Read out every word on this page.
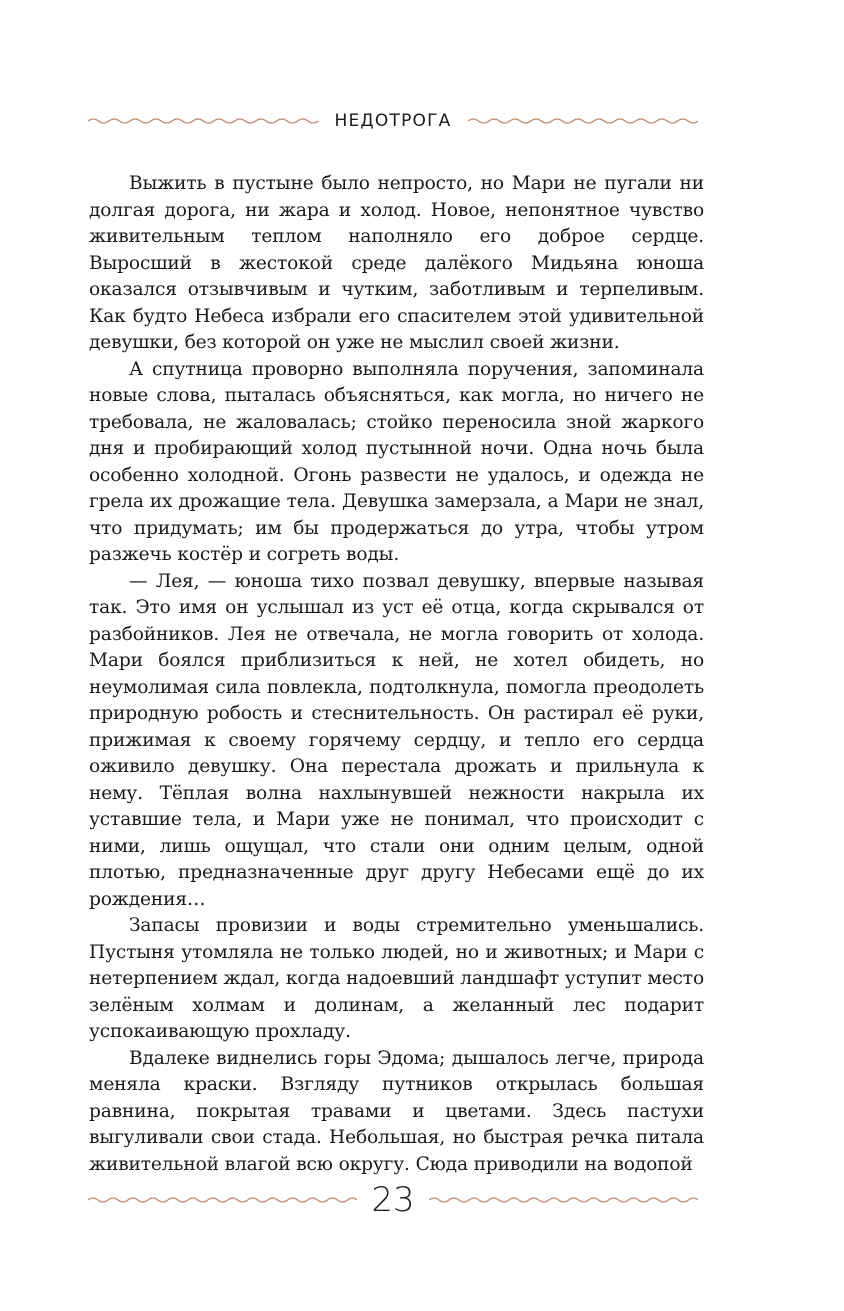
НЕДОТРОГА

Выжить в пустыне было непросто, но Мари не пугали ни долгая дорога, ни жара и холод. Новое, непонятное чувство живительным теплом наполняло его доброе сердце. Выросший в жестокой среде далёкого Мидьяна юноша оказался отзывчивым и чутким, заботливым и терпеливым. Как будто Небеса избрали его спасителем этой удивительной девушки, без которой он уже не мыслил своей жизни.

А спутница проворно выполняла поручения, запоминала новые слова, пыталась объясняться, как могла, но ничего не требовала, не жаловалась; стойко переносила зной жаркого дня и пробирающий холод пустынной ночи. Одна ночь была особенно холодной. Огонь развести не удалось, и одежда не грела их дрожащие тела. Девушка замерзала, а Мари не знал, что придумать; им бы продержаться до утра, чтобы утром разжечь костёр и согреть воды.

— Лея, — юноша тихо позвал девушку, впервые называя так. Это имя он услышал из уст её отца, когда скрывался от разбойников. Лея не отвечала, не могла говорить от холода. Мари боялся приблизиться к ней, не хотел обидеть, но неумолимая сила повлекла, подтолкнула, помогла преодолеть природную робость и стеснительность. Он растирал её руки, прижимая к своему горячему сердцу, и тепло его сердца оживило девушку. Она перестала дрожать и прильнула к нему. Тёплая волна нахлынувшей нежности накрыла их уставшие тела, и Мари уже не понимал, что происходит с ними, лишь ощущал, что стали они одним целым, одной плотью, предназначенные друг другу Небесами ещё до их рождения…

Запасы провизии и воды стремительно уменьшались. Пустыня утомляла не только людей, но и животных; и Мари с нетерпением ждал, когда надоевший ландшафт уступит место зелёным холмам и долинам, а желанный лес подарит успокаивающую прохладу.

Вдалеке виднелись горы Эдома; дышалось легче, природа меняла краски. Взгляду путников открылась большая равнина, покрытая травами и цветами. Здесь пастухи выгуливали свои стада. Небольшая, но быстрая речка питала живительной влагой всю округу. Сюда приводили на водопой

23
